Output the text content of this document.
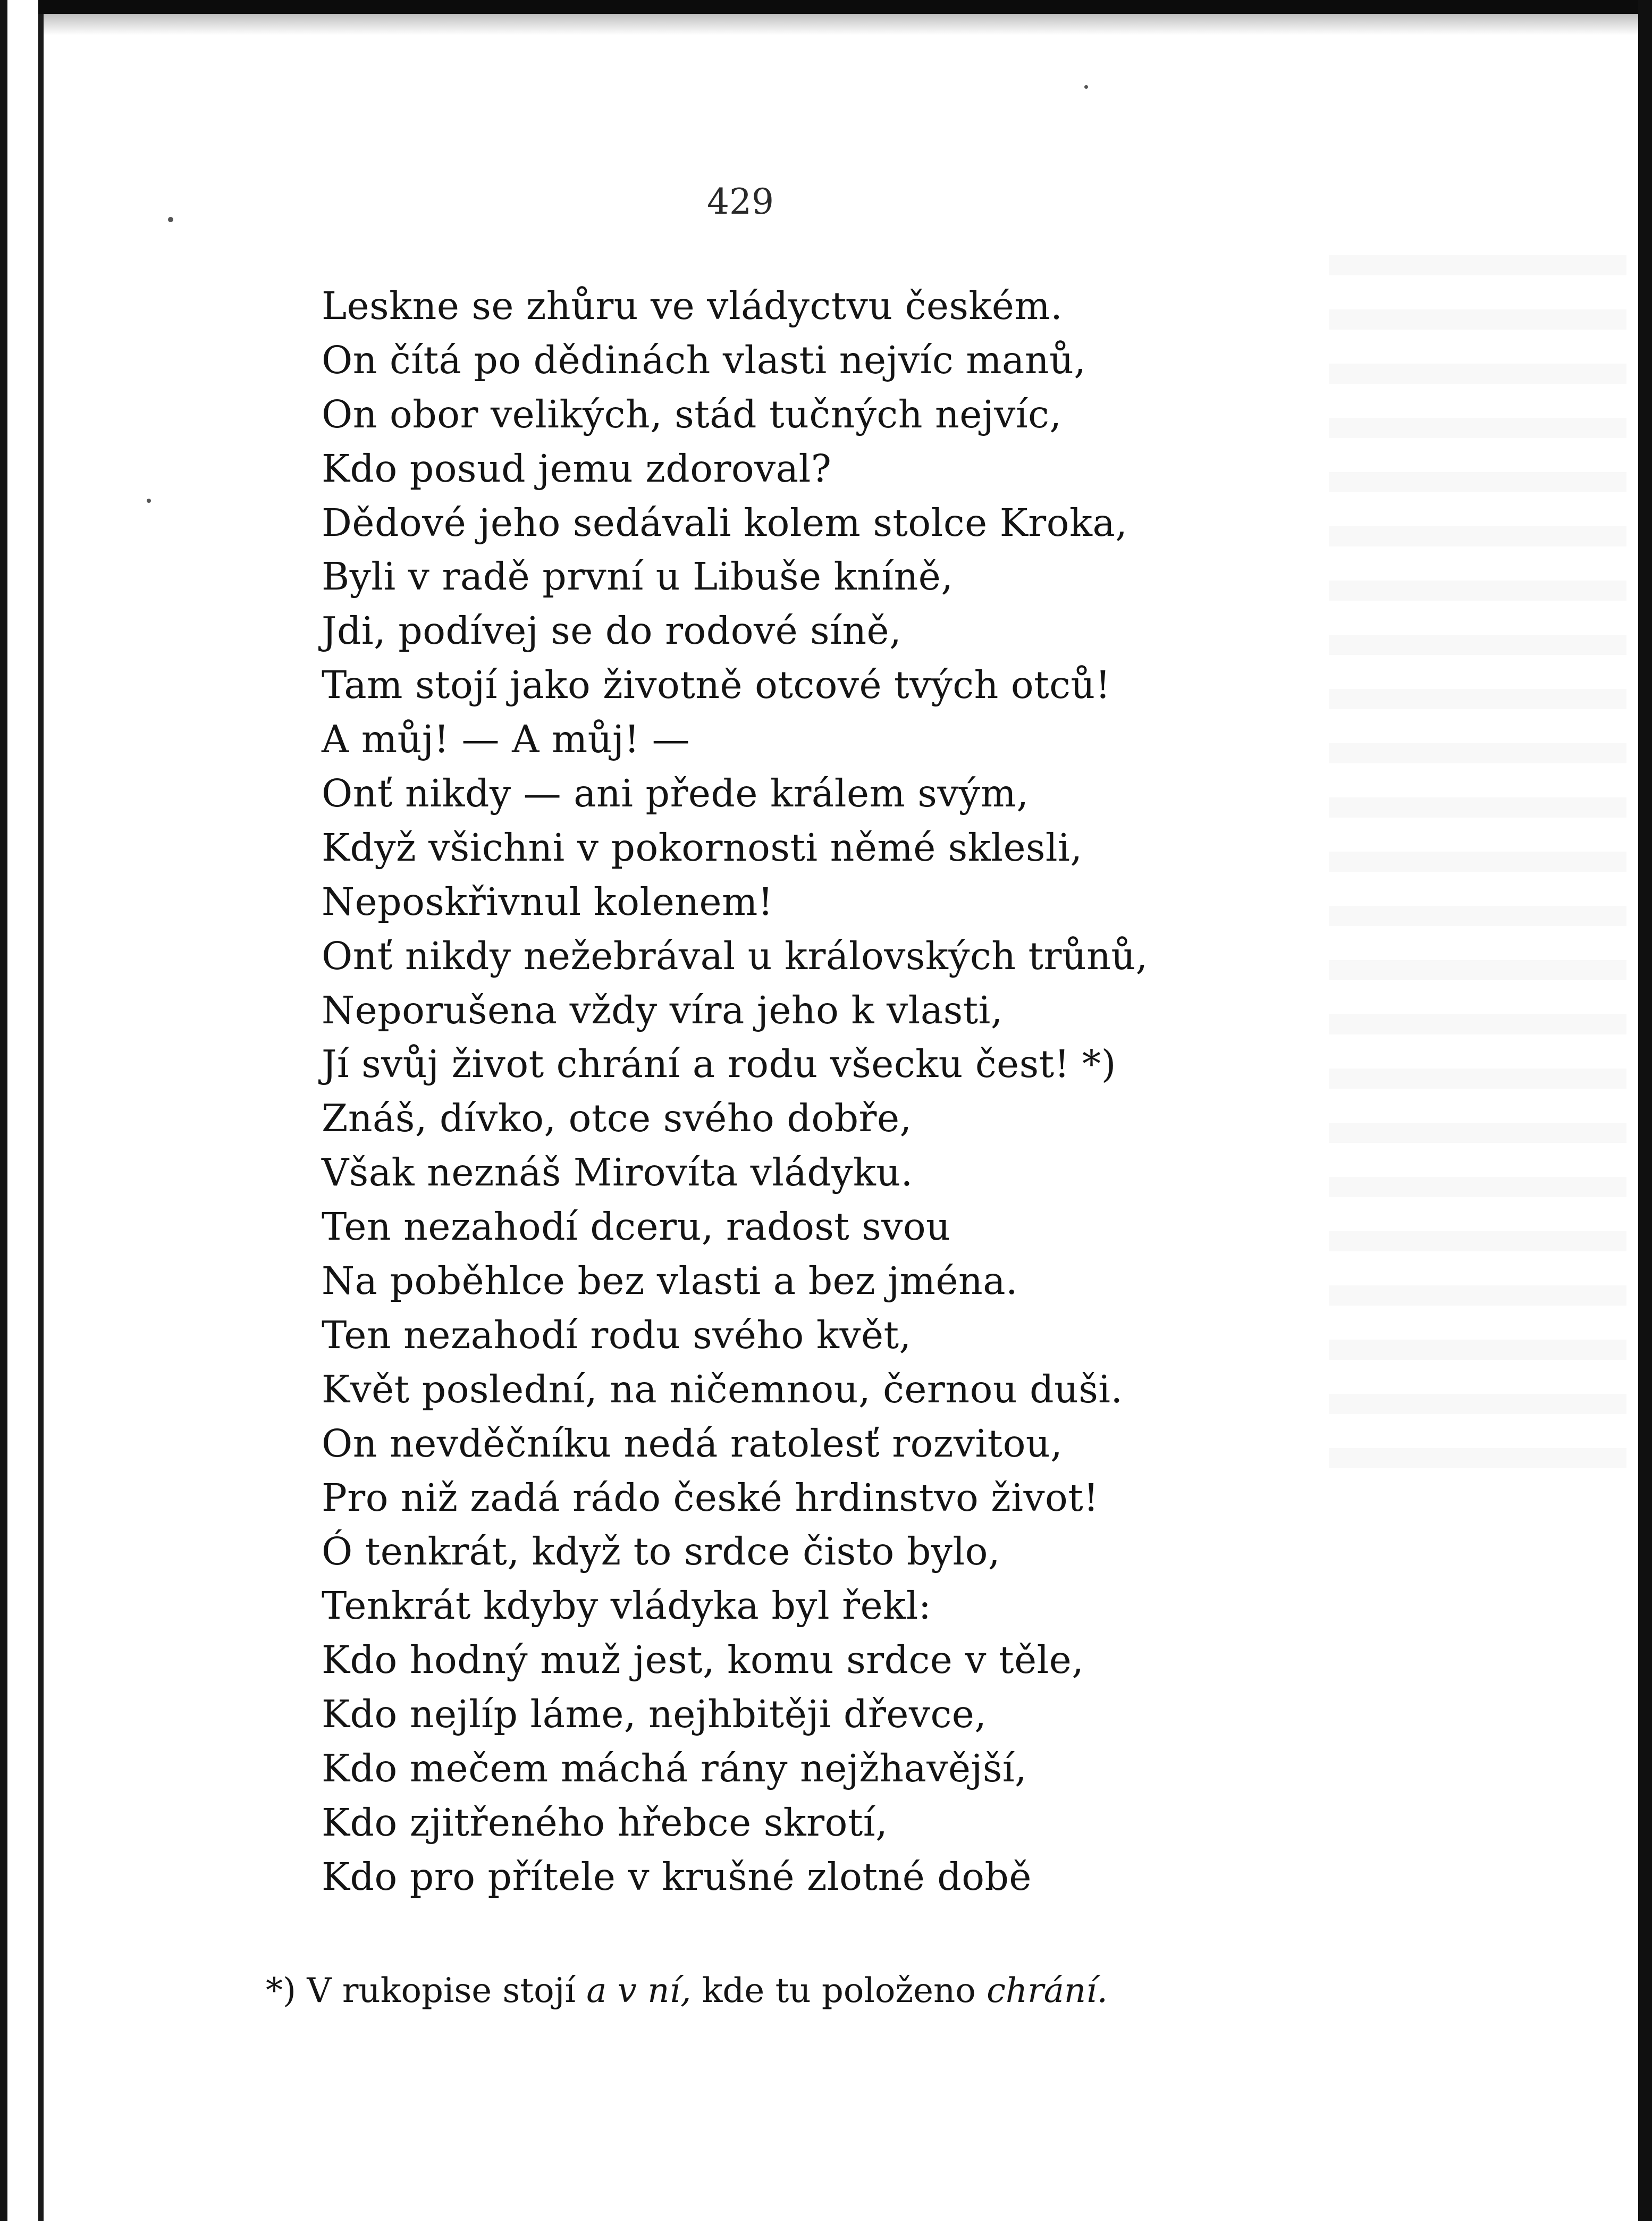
429
Leskne se zhůru ve vládyctvu českém.
On čítá po dědinách vlasti nejvíc manů,
On obor velikých, stád tučných nejvíc,
Kdo posud jemu zdoroval?
Dědové jeho sedávali kolem stolce Kroka,
Byli v radě první u Libuše kníně,
Jdi, podívej se do rodové síně,
Tam stojí jako životně otcové tvých otců!
A můj! — A můj! —
Onť nikdy — ani přede králem svým,
Když všichni v pokornosti němé sklesli,
Neposkřivnul kolenem!
Onť nikdy nežebrával u královských trůnů,
Neporušena vždy víra jeho k vlasti,
Jí svůj život chrání a rodu všecku čest! *)
Znáš, dívko, otce svého dobře,
Však neznáš Mirovíta vládyku.
Ten nezahodí dceru, radost svou
Na poběhlce bez vlasti a bez jména.
Ten nezahodí rodu svého květ,
Květ poslední, na ničemnou, černou duši.
On nevděčníku nedá ratolesť rozvitou,
Pro niž zadá rádo české hrdinstvo život!
Ó tenkrát, když to srdce čisto bylo,
Tenkrát kdyby vládyka byl řekl:
Kdo hodný muž jest, komu srdce v těle,
Kdo nejlíp láme, nejhbitěji dřevce,
Kdo mečem máchá rány nejžhavější,
Kdo zjitřeného hřebce skrotí,
Kdo pro přítele v krušné zlotné době
*) V rukopise stojí a v ní, kde tu položeno chrání.
